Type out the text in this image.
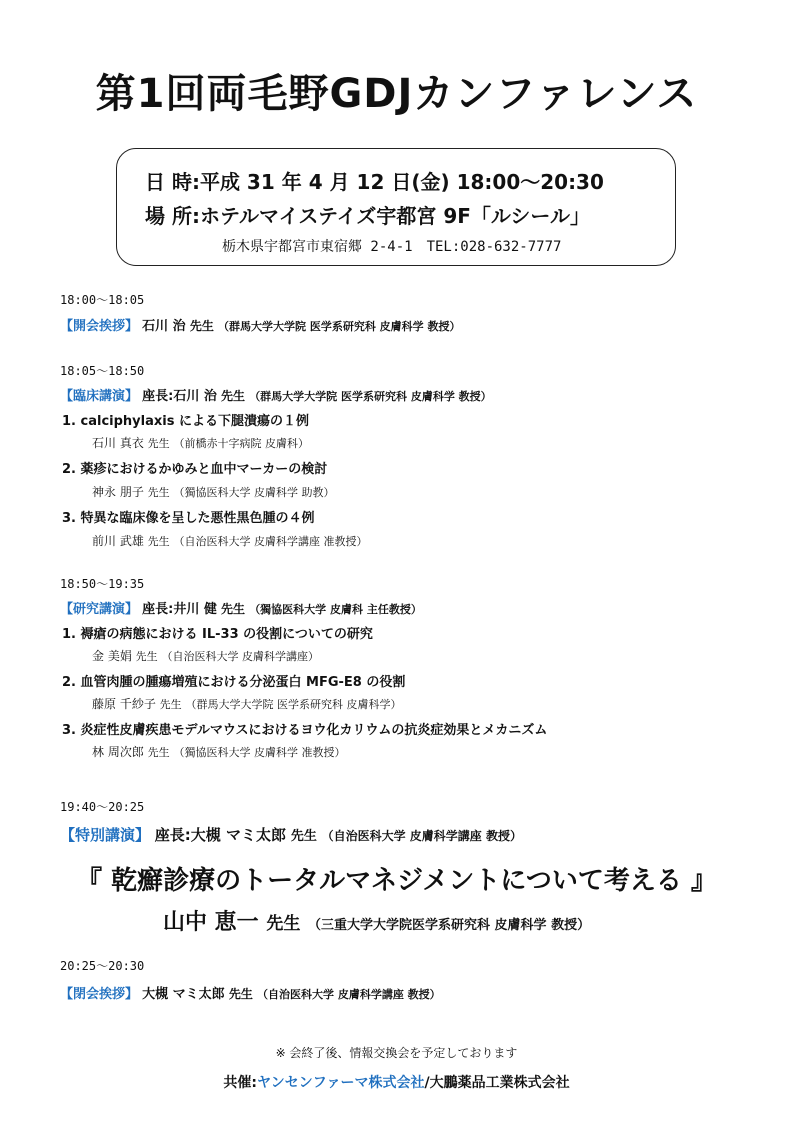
第1回両毛野GDJカンファレンス
日 時:平成 31 年 4 月 12 日(金) 18:00〜20:30
場 所:ホテルマイステイズ宇都宮 9F「ルシール」
栃木県宇都宮市東宿郷 2-4-1　TEL:028-632-7777
18:00〜18:05
【開会挨拶】 石川 治 先生 （群馬大学大学院 医学系研究科 皮膚科学 教授）
18:05〜18:50
【臨床講演】 座長:石川 治 先生 （群馬大学大学院 医学系研究科 皮膚科学 教授）
1. calciphylaxis による下腿潰瘍の１例
石川 真衣 先生 （前橋赤十字病院 皮膚科）
2. 薬疹におけるかゆみと血中マーカーの検討
神永 朋子 先生 （獨協医科大学 皮膚科学 助教）
3. 特異な臨床像を呈した悪性黒色腫の４例
前川 武雄 先生 （自治医科大学 皮膚科学講座 准教授）
18:50〜19:35
【研究講演】 座長:井川 健 先生 （獨協医科大学 皮膚科 主任教授）
1. 褥瘡の病態における IL-33 の役割についての研究
金 美娟 先生 （自治医科大学 皮膚科学講座）
2. 血管肉腫の腫瘍増殖における分泌蛋白 MFG-E8 の役割
藤原 千紗子 先生 （群馬大学大学院 医学系研究科 皮膚科学）
3. 炎症性皮膚疾患モデルマウスにおけるヨウ化カリウムの抗炎症効果とメカニズム
林 周次郎 先生 （獨協医科大学 皮膚科学 准教授）
19:40〜20:25
【特別講演】 座長:大槻 マミ太郎 先生 （自治医科大学 皮膚科学講座 教授）
『 乾癬診療のトータルマネジメントについて考える 』
山中 恵一 先生 （三重大学大学院医学系研究科 皮膚科学 教授）
20:25〜20:30
【閉会挨拶】 大槻 マミ太郎 先生 （自治医科大学 皮膚科学講座 教授）
※ 会終了後、情報交換会を予定しております
共催:ヤンセンファーマ株式会社/大鵬薬品工業株式会社
